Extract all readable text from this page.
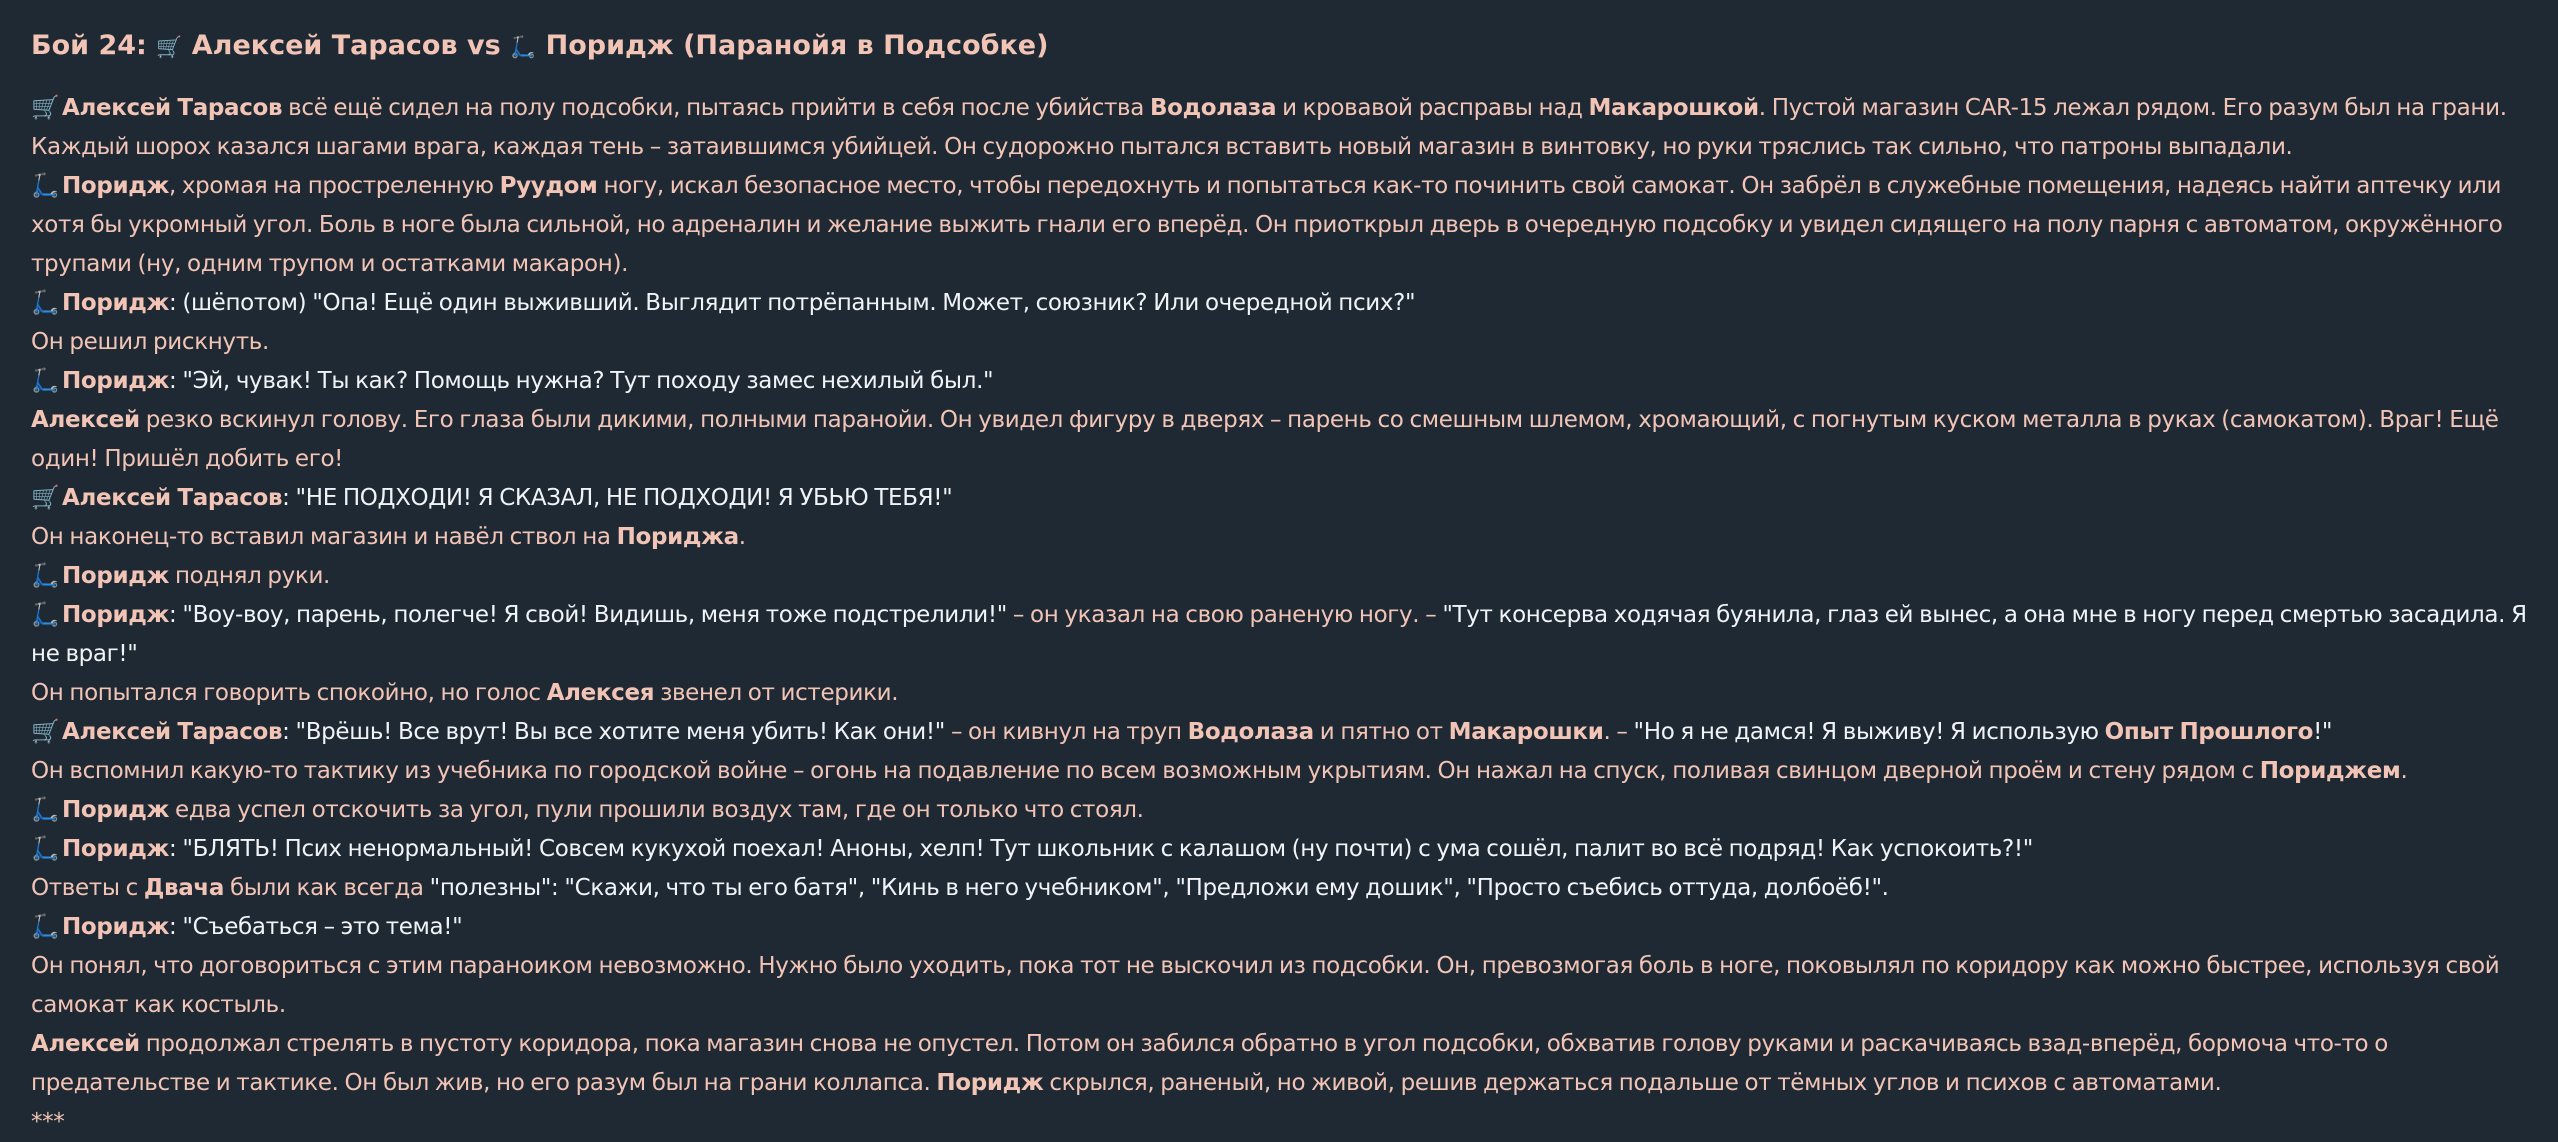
Бой 24: 🛒 Алексей Тарасов vs 🛴 Поридж (Паранойя в Подсобке)

🛒 Алексей Тарасов всё ещё сидел на полу подсобки, пытаясь прийти в себя после убийства Водолаза и кровавой расправы над Макарошкой. Пустой магазин CAR-15 лежал рядом. Его разум был на грани. Каждый шорох казался шагами врага, каждая тень – затаившимся убийцей. Он судорожно пытался вставить новый магазин в винтовку, но руки тряслись так сильно, что патроны выпадали.

🛴 Поридж, хромая на простреленную Руудом ногу, искал безопасное место, чтобы передохнуть и попытаться как-то починить свой самокат. Он забрёл в служебные помещения, надеясь найти аптечку или хотя бы укромный угол. Боль в ноге была сильной, но адреналин и желание выжить гнали его вперёд. Он приоткрыл дверь в очередную подсобку и увидел сидящего на полу парня с автоматом, окружённого трупами (ну, одним трупом и остатками макарон).

🛴 Поридж: (шёпотом) "Опа! Ещё один выживший. Выглядит потрёпанным. Может, союзник? Или очередной псих?"

Он решил рискнуть.

🛴 Поридж: "Эй, чувак! Ты как? Помощь нужна? Тут походу замес нехилый был."

Алексей резко вскинул голову. Его глаза были дикими, полными паранойи. Он увидел фигуру в дверях – парень со смешным шлемом, хромающий, с погнутым куском металла в руках (самокатом). Враг! Ещё один! Пришёл добить его!

🛒 Алексей Тарасов: "НЕ ПОДХОДИ! Я СКАЗАЛ, НЕ ПОДХОДИ! Я УБЬЮ ТЕБЯ!"

Он наконец-то вставил магазин и навёл ствол на Пориджа.

🛴 Поридж поднял руки.

🛴 Поридж: "Воу-воу, парень, полегче! Я свой! Видишь, меня тоже подстрелили!" – он указал на свою раненую ногу. – "Тут консерва ходячая буянила, глаз ей вынес, а она мне в ногу перед смертью засадила. Я не враг!"

Он попытался говорить спокойно, но голос Алексея звенел от истерики.

🛒 Алексей Тарасов: "Врёшь! Все врут! Вы все хотите меня убить! Как они!" – он кивнул на труп Водолаза и пятно от Макарошки. – "Но я не дамся! Я выживу! Я использую Опыт Прошлого!"

Он вспомнил какую-то тактику из учебника по городской войне – огонь на подавление по всем возможным укрытиям. Он нажал на спуск, поливая свинцом дверной проём и стену рядом с Пориджем.

🛴 Поридж едва успел отскочить за угол, пули прошили воздух там, где он только что стоял.

🛴 Поридж: "БЛЯТЬ! Псих ненормальный! Совсем кукухой поехал! Аноны, хелп! Тут школьник с калашом (ну почти) с ума сошёл, палит во всё подряд! Как успокоить?!"

Ответы с Двача были как всегда "полезны": "Скажи, что ты его батя", "Кинь в него учебником", "Предложи ему дошик", "Просто съебись оттуда, долбоёб!".

🛴 Поридж: "Съебаться – это тема!"

Он понял, что договориться с этим параноиком невозможно. Нужно было уходить, пока тот не выскочил из подсобки. Он, превозмогая боль в ноге, поковылял по коридору как можно быстрее, используя свой самокат как костыль.

Алексей продолжал стрелять в пустоту коридора, пока магазин снова не опустел. Потом он забился обратно в угол подсобки, обхватив голову руками и раскачиваясь взад-вперёд, бормоча что-то о предательстве и тактике. Он был жив, но его разум был на грани коллапса. Поридж скрылся, раненый, но живой, решив держаться подальше от тёмных углов и психов с автоматами.

***
